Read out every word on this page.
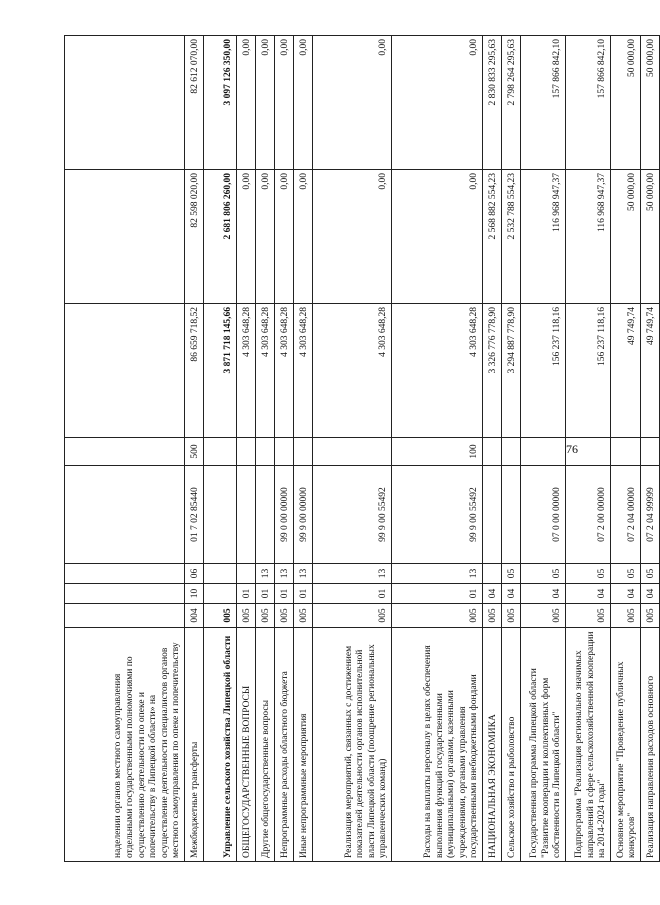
76
наделении органов местного самоуправления отдельными государственными полномочиями по осуществлению деятельности по опеке и попечительству в Липецкой области» на осуществление деятельности специалистов органов местного самоуправления по опеке и попечительству								
Межбюджетные трансферты	004	10	06	01 7 02 85440	500	86 659 718,52	82 598 020,00	82 612 070,00
Управление сельского хозяйства Липецкой области	005					3 871 718 145,66	2 681 806 260,00	3 097 126 350,00
ОБЩЕГОСУДАРСТВЕННЫЕ ВОПРОСЫ	005	01				4 303 648,28	0,00	0,00
Другие общегосударственные вопросы	005	01	13			4 303 648,28	0,00	0,00
Непрограммные расходы областного бюджета	005	01	13	99 0 00 00000		4 303 648,28	0,00	0,00
Иные непрограммные мероприятия	005	01	13	99 9 00 00000		4 303 648,28	0,00	0,00
Реализация мероприятий, связанных с достижением показателей деятельности органов исполнительной власти Липецкой области (поощрение региональных управленческих команд)	005	01	13	99 9 00 55492		4 303 648,28	0,00	0,00
Расходы на выплаты персоналу в целях обеспечения выполнения функций государственными (муниципальными) органами, казенными учреждениями, органами управления государственными внебюджетными фондами	005	01	13	99 9 00 55492	100	4 303 648,28	0,00	0,00
НАЦИОНАЛЬНАЯ ЭКОНОМИКА	005	04				3 326 776 778,90	2 568 882 554,23	2 830 833 295,63
Сельское хозяйство и рыболовство	005	04	05			3 294 887 778,90	2 532 788 554,23	2 798 264 295,63
Государственная программа Липецкой области "Развитие кооперации и коллективных форм собственности в Липецкой области"	005	04	05	07 0 00 00000		156 237 118,16	116 968 947,37	157 866 842,10
Подпрограмма "Реализация регионально значимых направлений в сфере сельскохозяйственной кооперации на 2014-2024 годы"	005	04	05	07 2 00 00000		156 237 118,16	116 968 947,37	157 866 842,10
Основное мероприятие "Проведение публичных конкурсов"	005	04	05	07 2 04 00000		49 749,74	50 000,00	50 000,00
Реализация направления расходов основного	005	04	05	07 2 04 99999		49 749,74	50 000,00	50 000,00
